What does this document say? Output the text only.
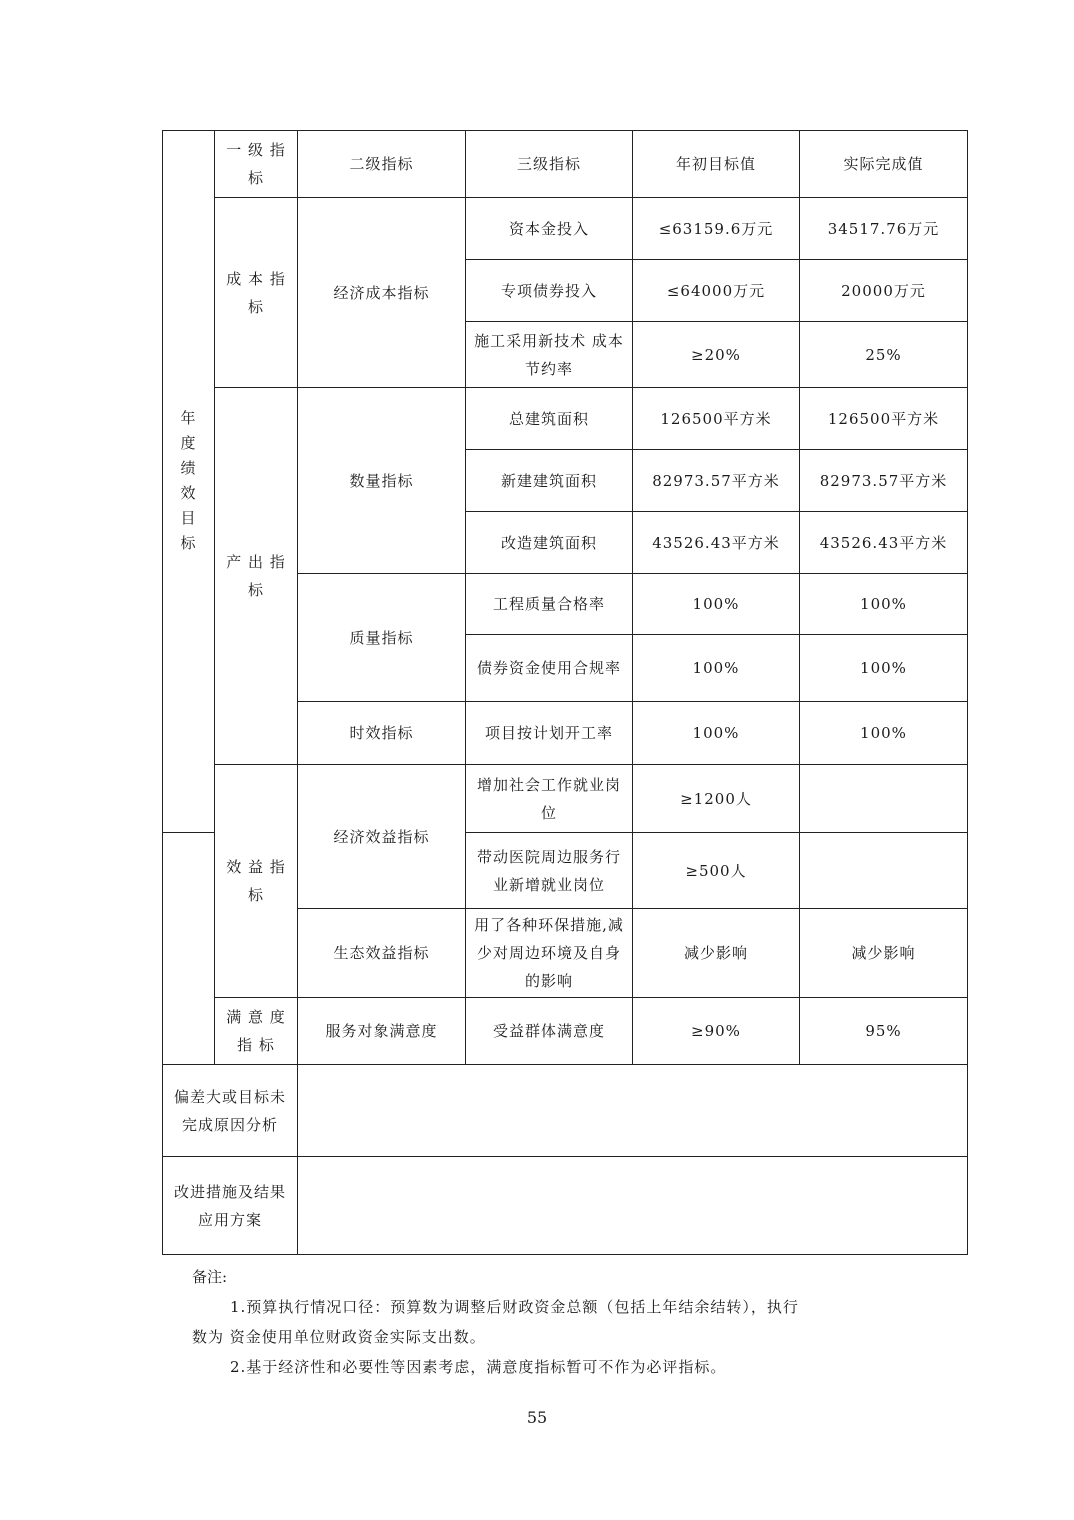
年度绩效目标	一 级 指标	二级指标	三级指标	年初目标值	实际完成值
	成 本 指标	经济成本指标	资本金投入	≤63159.6万元	34517.76万元
			专项债券投入	≤64000万元	20000万元
			施工采用新技术 成本节约率	≥20%	25%
	产 出 指标	数量指标	总建筑面积	126500平方米	126500平方米
			新建建筑面积	82973.57平方米	82973.57平方米
			改造建筑面积	43526.43平方米	43526.43平方米
		质量指标	工程质量合格率	100%	100%
			债券资金使用合规率	100%	100%
		时效指标	项目按计划开工率	100%	100%
	效 益 指标	经济效益指标	增加社会工作就业岗位	≥1200人	
			带动医院周边服务行业新增就业岗位	≥500人	
		生态效益指标	用了各种环保措施,减少对周边环境及自身的影响	减少影响	减少影响
	满 意 度 指 标	服务对象满意度	受益群体满意度	≥90%	95%
偏差大或目标未完成原因分析					
改进措施及结果应用方案					

备注:

1.预算执行情况口径：预算数为调整后财政资金总额（包括上年结余结转），执行

数为 资金使用单位财政资金实际支出数。

2.基于经济性和必要性等因素考虑，满意度指标暂可不作为必评指标。

55
